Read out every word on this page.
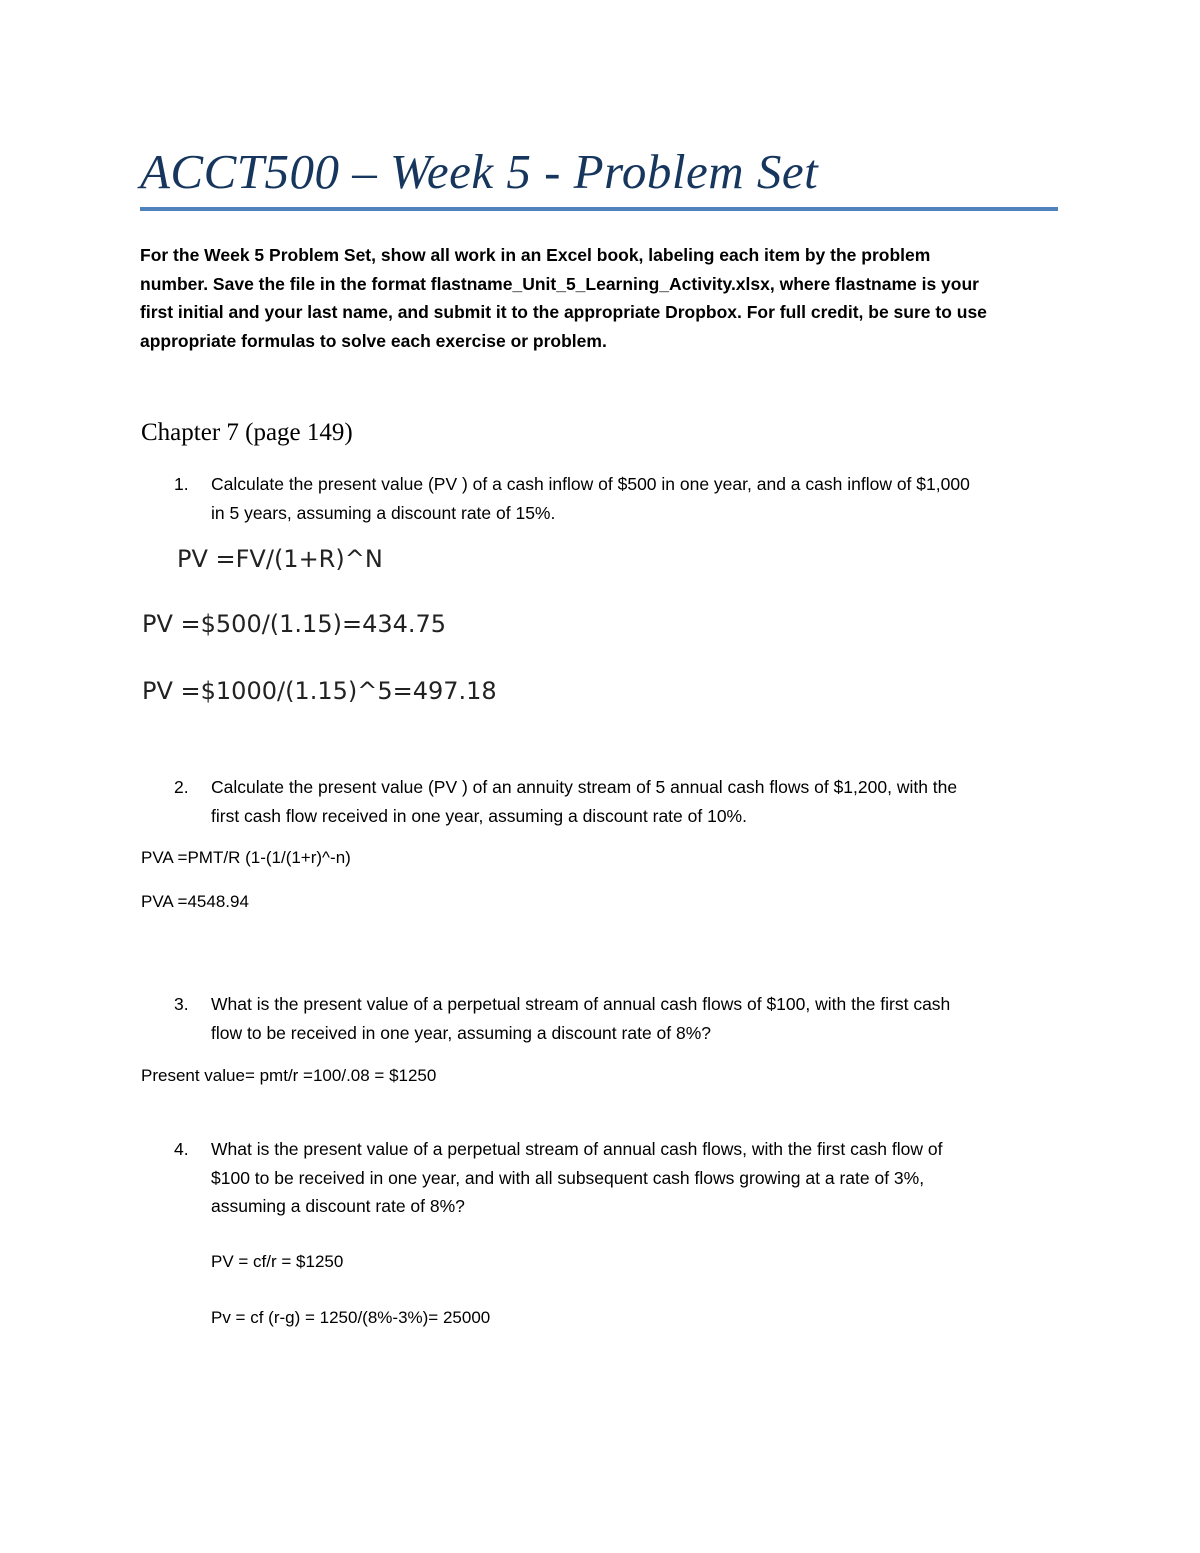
ACCT500 – Week 5 - Problem Set
For the Week 5 Problem Set, show all work in an Excel book, labeling each item by the problem
number. Save the file in the format flastname_Unit_5_Learning_Activity.xlsx, where flastname is your
first initial and your last name, and submit it to the appropriate Dropbox. For full credit, be sure to use
appropriate formulas to solve each exercise or problem.
Chapter 7 (page 149)
1. Calculate the present value (PV ) of a cash inflow of $500 in one year, and a cash inflow of $1,000
in 5 years, assuming a discount rate of 15%.
PV =FV/(1+R)^N
PV =$500/(1.15)=434.75
PV =$1000/(1.15)^5=497.18
2. Calculate the present value (PV ) of an annuity stream of 5 annual cash flows of $1,200, with the
first cash flow received in one year, assuming a discount rate of 10%.
PVA =PMT/R (1-(1/(1+r)^-n)
PVA =4548.94
3. What is the present value of a perpetual stream of annual cash flows of $100, with the first cash
flow to be received in one year, assuming a discount rate of 8%?
Present value= pmt/r =100/.08 = $1250
4. What is the present value of a perpetual stream of annual cash flows, with the first cash flow of
$100 to be received in one year, and with all subsequent cash flows growing at a rate of 3%,
assuming a discount rate of 8%?
PV = cf/r = $1250
Pv = cf (r-g) = 1250/(8%-3%)= 25000
